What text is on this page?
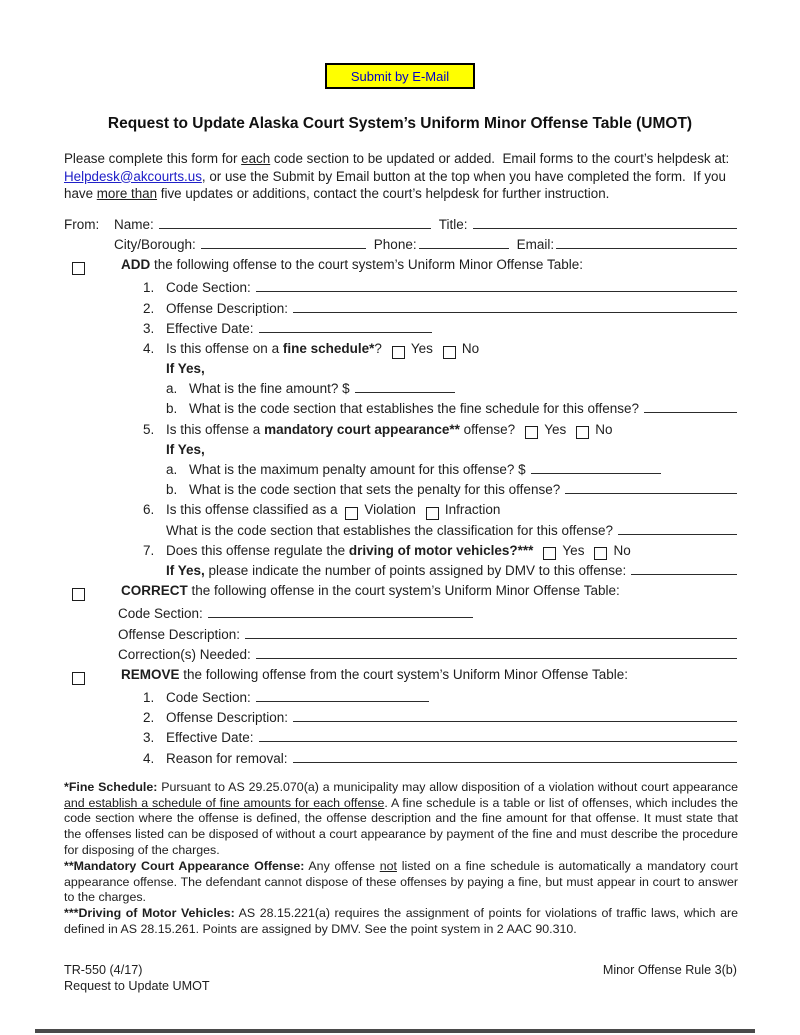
Submit by E-Mail
Request to Update Alaska Court System’s Uniform Minor Offense Table (UMOT)

Please complete this form for each code section to be updated or added.  Email forms to the court’s helpdesk at:  Helpdesk@akcourts.us, or use the Submit by Email button at the top when you have completed the form.  If you have more than five updates or additions, contact the court’s helpdesk for further instruction.

From:	Name:	Title:
City/Borough:	Phone:	Email:
ADD the following offense to the court system’s Uniform Minor Offense Table:
1. Code Section:
2. Offense Description:
3. Effective Date:
4. Is this offense on a fine schedule*? Yes No
If Yes,
a. What is the fine amount? $
b. What is the code section that establishes the fine schedule for this offense?
5. Is this offense a mandatory court appearance** offense? Yes No
If Yes,
a. What is the maximum penalty amount for this offense? $
b. What is the code section that sets the penalty for this offense?
6. Is this offense classified as a Violation Infraction
What is the code section that establishes the classification for this offense?
7. Does this offense regulate the driving of motor vehicles?*** Yes No
If Yes, please indicate the number of points assigned by DMV to this offense:
CORRECT the following offense in the court system’s Uniform Minor Offense Table:
Code Section:
Offense Description:
Correction(s) Needed:
REMOVE the following offense from the court system’s Uniform Minor Offense Table:
1. Code Section:
2. Offense Description:
3. Effective Date:
4. Reason for removal:

*Fine Schedule: Pursuant to AS 29.25.070(a) a municipality may allow disposition of a violation without court appearance and establish a schedule of fine amounts for each offense. A fine schedule is a table or list of offenses, which includes the code section where the offense is defined, the offense description and the fine amount for that offense. It must state that the offenses listed can be disposed of without a court appearance by payment of the fine and must describe the procedure for disposing of the charges.

**Mandatory Court Appearance Offense: Any offense not listed on a fine schedule is automatically a mandatory court appearance offense. The defendant cannot dispose of these offenses by paying a fine, but must appear in court to answer to the charges.

***Driving of Motor Vehicles: AS 28.15.221(a) requires the assignment of points for violations of traffic laws, which are defined in AS 28.15.261. Points are assigned by DMV. See the point system in 2 AAC 90.310.

TR-550 (4/17)
Request to Update UMOT
Minor Offense Rule 3(b)
